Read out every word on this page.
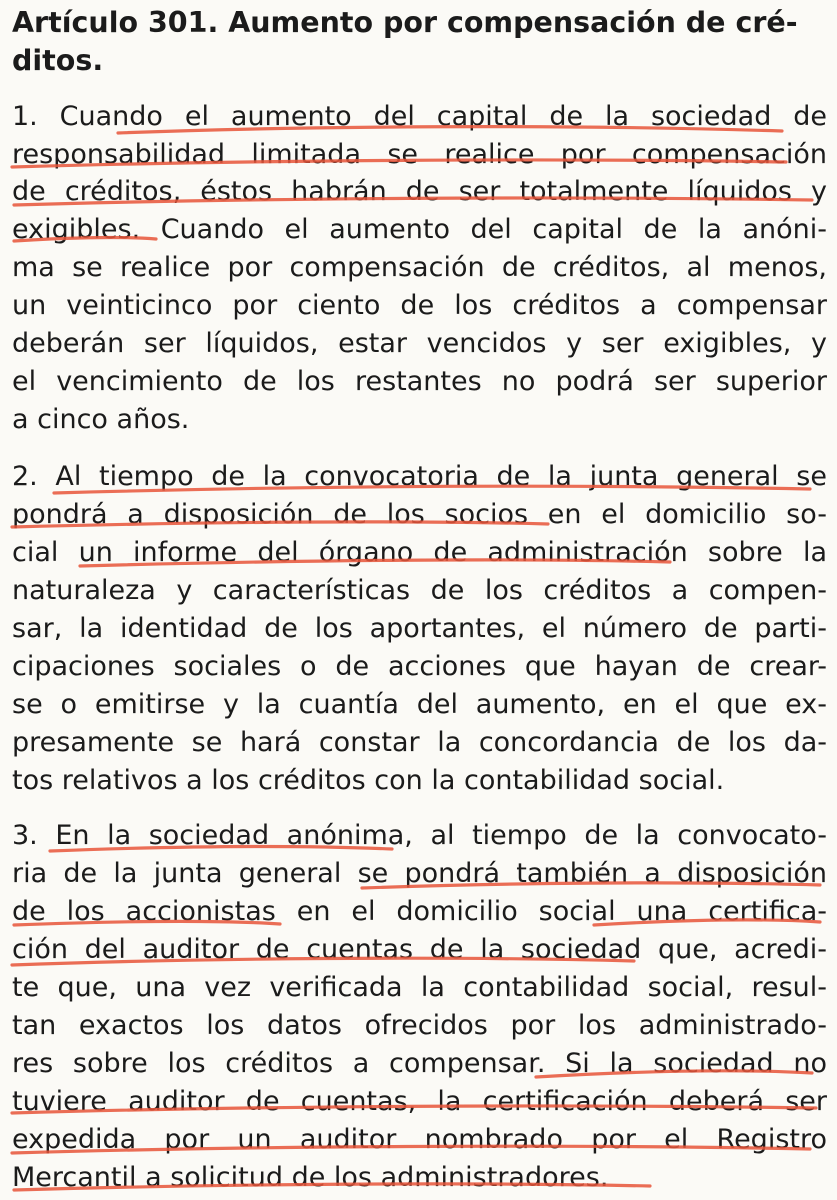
Artículo 301. Aumento por compensación de cré-
ditos.
1. Cuando el aumento del capital de la sociedad de
responsabilidad limitada se realice por compensación
de créditos, éstos habrán de ser totalmente líquidos y
exigibles. Cuando el aumento del capital de la anóni-
ma se realice por compensación de créditos, al menos,
un veinticinco por ciento de los créditos a compensar
deberán ser líquidos, estar vencidos y ser exigibles, y
el vencimiento de los restantes no podrá ser superior
a cinco años.
2. Al tiempo de la convocatoria de la junta general se
pondrá a disposición de los socios en el domicilio so-
cial un informe del órgano de administración sobre la
naturaleza y características de los créditos a compen-
sar, la identidad de los aportantes, el número de parti-
cipaciones sociales o de acciones que hayan de crear-
se o emitirse y la cuantía del aumento, en el que ex-
presamente se hará constar la concordancia de los da-
tos relativos a los créditos con la contabilidad social.
3. En la sociedad anónima, al tiempo de la convocato-
ria de la junta general se pondrá también a disposición
de los accionistas en el domicilio social una certifica-
ción del auditor de cuentas de la sociedad que, acredi-
te que, una vez verificada la contabilidad social, resul-
tan exactos los datos ofrecidos por los administrado-
res sobre los créditos a compensar. Si la sociedad no
tuviere auditor de cuentas, la certificación deberá ser
expedida por un auditor nombrado por el Registro
Mercantil a solicitud de los administradores.
